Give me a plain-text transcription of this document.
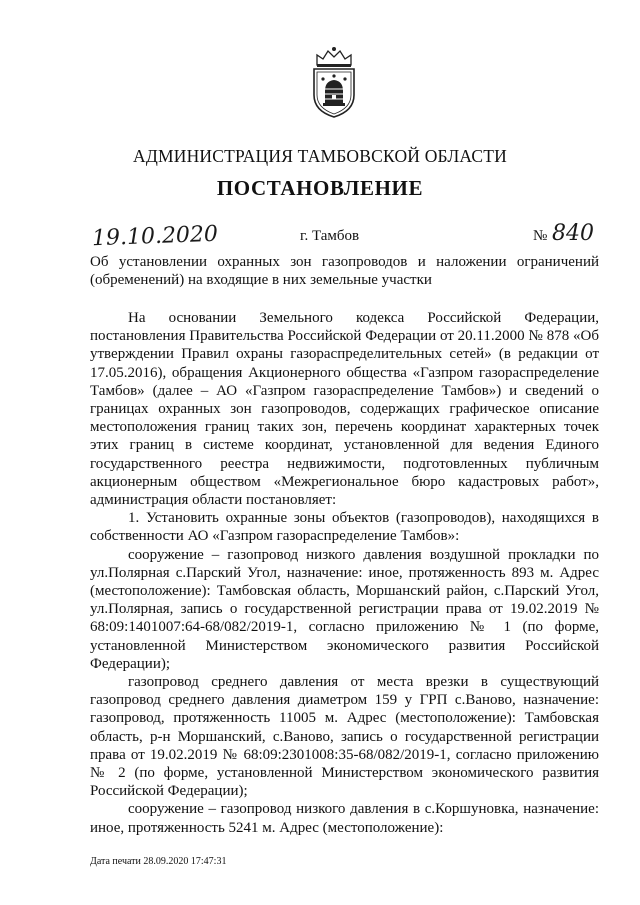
АДМИНИСТРАЦИЯ ТАМБОВСКОЙ ОБЛАСТИ
ПОСТАНОВЛЕНИЕ
19.10.2020	г. Тамбов	№ 840
Об установлении охранных зон газопроводов и наложении ограничений (обременений) на входящие в них земельные участки

На основании Земельного кодекса Российской Федерации, постановления Правительства Российской Федерации от 20.11.2000 № 878 «Об утверждении Правил охраны газораспределительных сетей» (в редакции от 17.05.2016), обращения Акционерного общества «Газпром газораспределение Тамбов» (далее – АО «Газпром газораспределение Тамбов») и сведений о границах охранных зон газопроводов, содержащих графическое описание местоположения границ таких зон, перечень координат характерных точек этих границ в системе координат, установленной для ведения Единого государственного реестра недвижимости, подготовленных публичным акционерным обществом «Межрегиональное бюро кадастровых работ», администрация области постановляет:

1. Установить охранные зоны объектов (газопроводов), находящихся в собственности АО «Газпром газораспределение Тамбов»:

сооружение – газопровод низкого давления воздушной прокладки по ул.Полярная с.Парский Угол, назначение: иное, протяженность 893 м. Адрес (местоположение): Тамбовская область, Моршанский район, с.Парский Угол, ул.Полярная, запись о государственной регистрации права от 19.02.2019 № 68:09:1401007:64-68/082/2019-1, согласно приложению № 1 (по форме, установленной Министерством экономического развития Российской Федерации);

газопровод среднего давления от места врезки в существующий газопровод среднего давления диаметром 159 у ГРП с.Ваново, назначение: газопровод, протяженность 11005 м. Адрес (местоположение): Тамбовская область, р-н Моршанский, с.Ваново, запись о государственной регистрации права от 19.02.2019 № 68:09:2301008:35-68/082/2019-1, согласно приложению № 2 (по форме, установленной Министерством экономического развития Российской Федерации);

сооружение – газопровод низкого давления в с.Коршуновка, назначение: иное, протяженность 5241 м. Адрес (местоположение):

Дата печати 28.09.2020 17:47:31
